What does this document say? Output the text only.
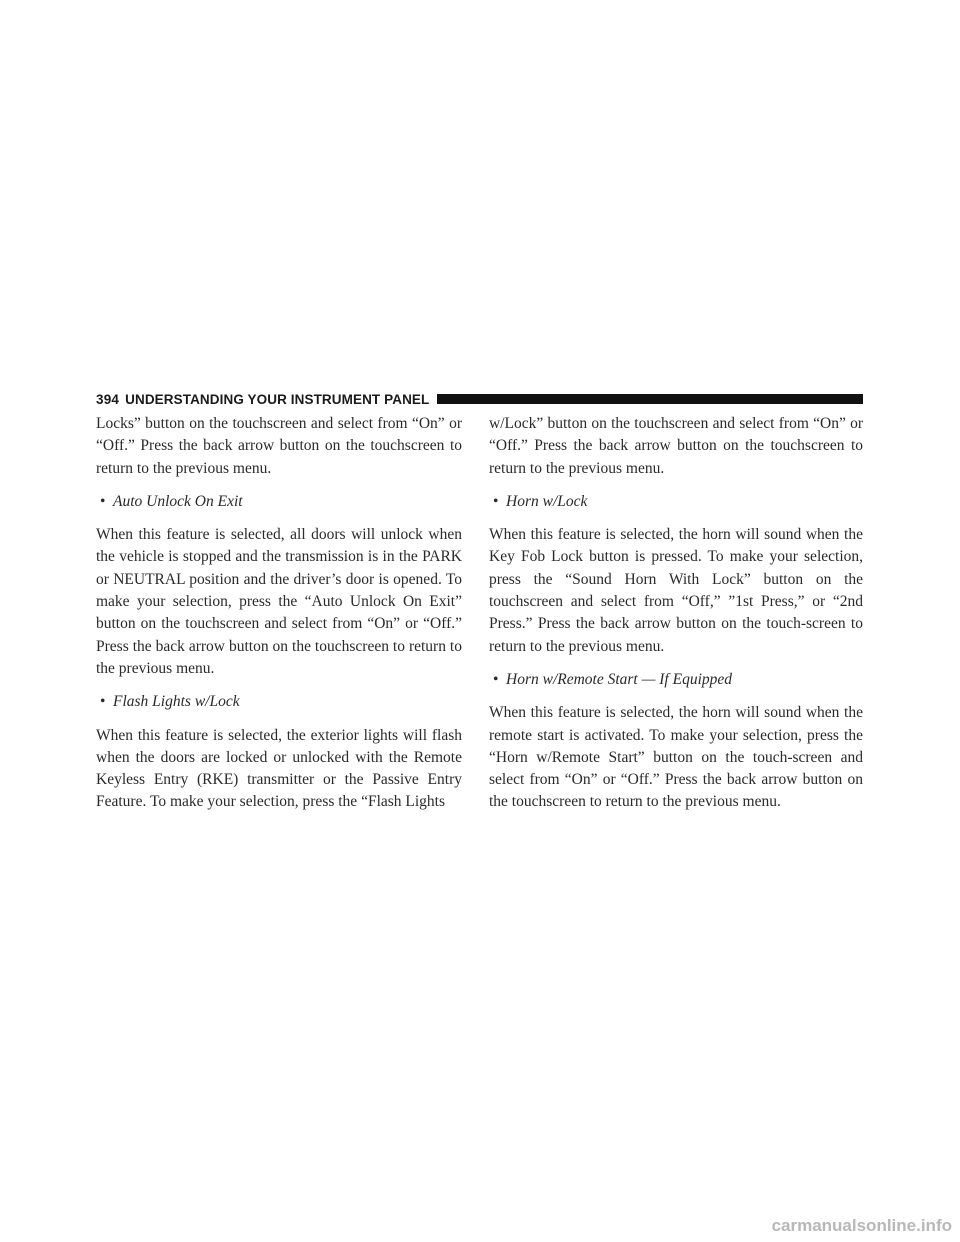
394 UNDERSTANDING YOUR INSTRUMENT PANEL

Locks” button on the touchscreen and select from “On” or “Off.” Press the back arrow button on the touchscreen to return to the previous menu.

• Auto Unlock On Exit

When this feature is selected, all doors will unlock when the vehicle is stopped and the transmission is in the PARK or NEUTRAL position and the driver’s door is opened. To make your selection, press the “Auto Unlock On Exit” button on the touchscreen and select from “On” or “Off.” Press the back arrow button on the touchscreen to return to the previous menu.

• Flash Lights w/Lock

When this feature is selected, the exterior lights will flash when the doors are locked or unlocked with the Remote Keyless Entry (RKE) transmitter or the Passive Entry Feature. To make your selection, press the “Flash Lights

w/Lock” button on the touchscreen and select from “On” or “Off.” Press the back arrow button on the touchscreen to return to the previous menu.

• Horn w/Lock

When this feature is selected, the horn will sound when the Key Fob Lock button is pressed. To make your selection, press the “Sound Horn With Lock” button on the touchscreen and select from “Off,” ”1st Press,” or “2nd Press.” Press the back arrow button on the touch-screen to return to the previous menu.

• Horn w/Remote Start — If Equipped

When this feature is selected, the horn will sound when the remote start is activated. To make your selection, press the “Horn w/Remote Start” button on the touch-screen and select from “On” or “Off.” Press the back arrow button on the touchscreen to return to the previous menu.

carmanualsonline.info
